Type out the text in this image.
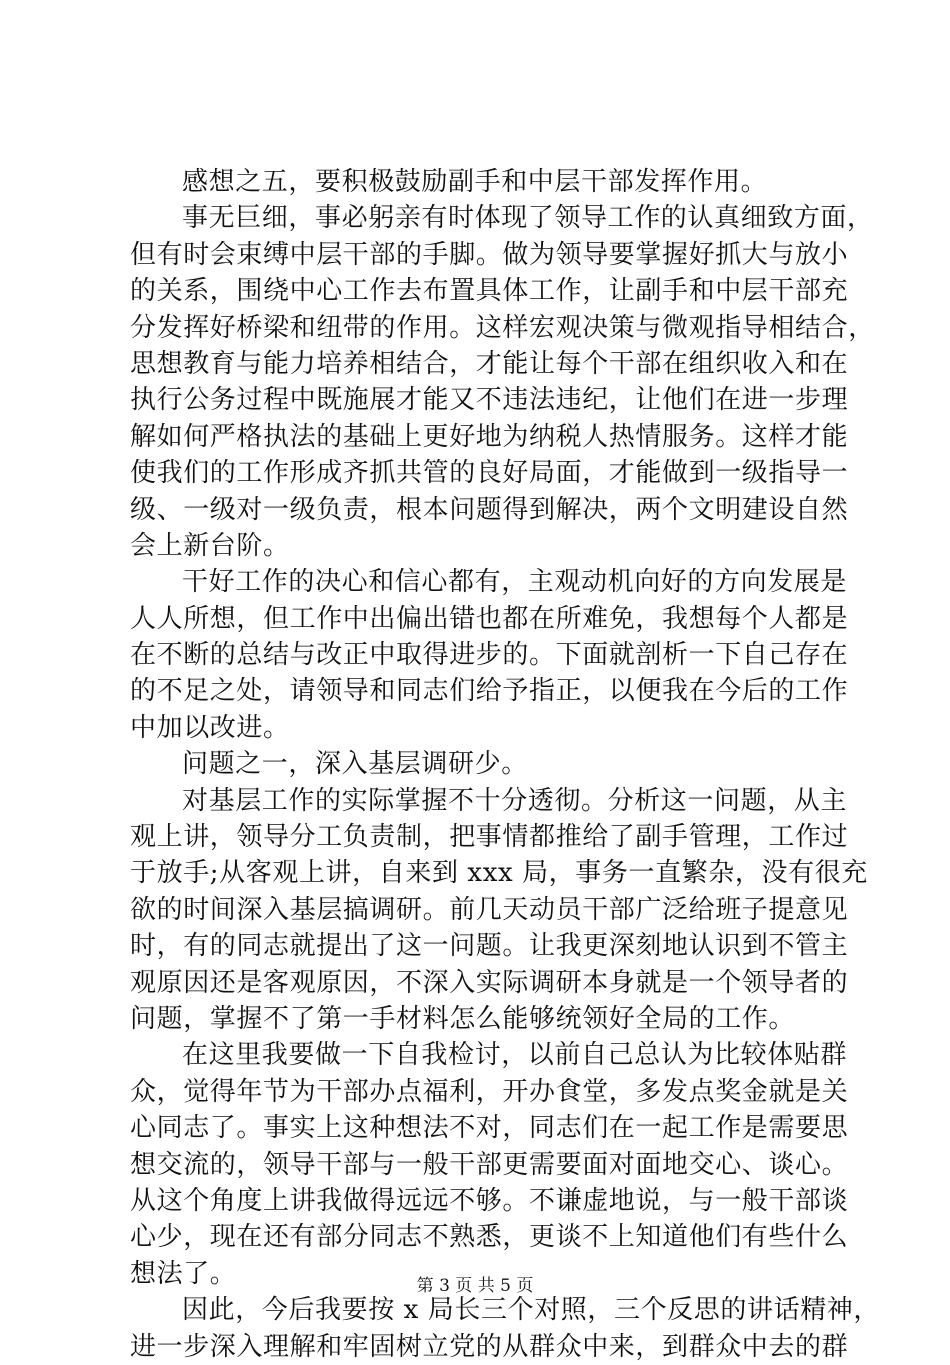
感想之五，要积极鼓励副手和中层干部发挥作用。
事无巨细，事必躬亲有时体现了领导工作的认真细致方面，
但有时会束缚中层干部的手脚。做为领导要掌握好抓大与放小
的关系，围绕中心工作去布置具体工作，让副手和中层干部充
分发挥好桥梁和纽带的作用。这样宏观决策与微观指导相结合，
思想教育与能力培养相结合，才能让每个干部在组织收入和在
执行公务过程中既施展才能又不违法违纪，让他们在进一步理
解如何严格执法的基础上更好地为纳税人热情服务。这样才能
使我们的工作形成齐抓共管的良好局面，才能做到一级指导一
级、一级对一级负责，根本问题得到解决，两个文明建设自然
会上新台阶。
干好工作的决心和信心都有，主观动机向好的方向发展是
人人所想，但工作中出偏出错也都在所难免，我想每个人都是
在不断的总结与改正中取得进步的。下面就剖析一下自己存在
的不足之处，请领导和同志们给予指正，以便我在今后的工作
中加以改进。
问题之一，深入基层调研少。
对基层工作的实际掌握不十分透彻。分析这一问题，从主
观上讲，领导分工负责制，把事情都推给了副手管理，工作过
于放手;从客观上讲，自来到 xxx 局，事务一直繁杂，没有很充
欲的时间深入基层搞调研。前几天动员干部广泛给班子提意见
时，有的同志就提出了这一问题。让我更深刻地认识到不管主
观原因还是客观原因，不深入实际调研本身就是一个领导者的
问题，掌握不了第一手材料怎么能够统领好全局的工作。
在这里我要做一下自我检讨，以前自己总认为比较体贴群
众，觉得年节为干部办点福利，开办食堂，多发点奖金就是关
心同志了。事实上这种想法不对，同志们在一起工作是需要思
想交流的，领导干部与一般干部更需要面对面地交心、谈心。
从这个角度上讲我做得远远不够。不谦虚地说，与一般干部谈
心少，现在还有部分同志不熟悉，更谈不上知道他们有些什么
想法了。
因此，今后我要按 x 局长三个对照，三个反思的讲话精神，
进一步深入理解和牢固树立党的从群众中来，到群众中去的群
第 3 页 共 5 页
